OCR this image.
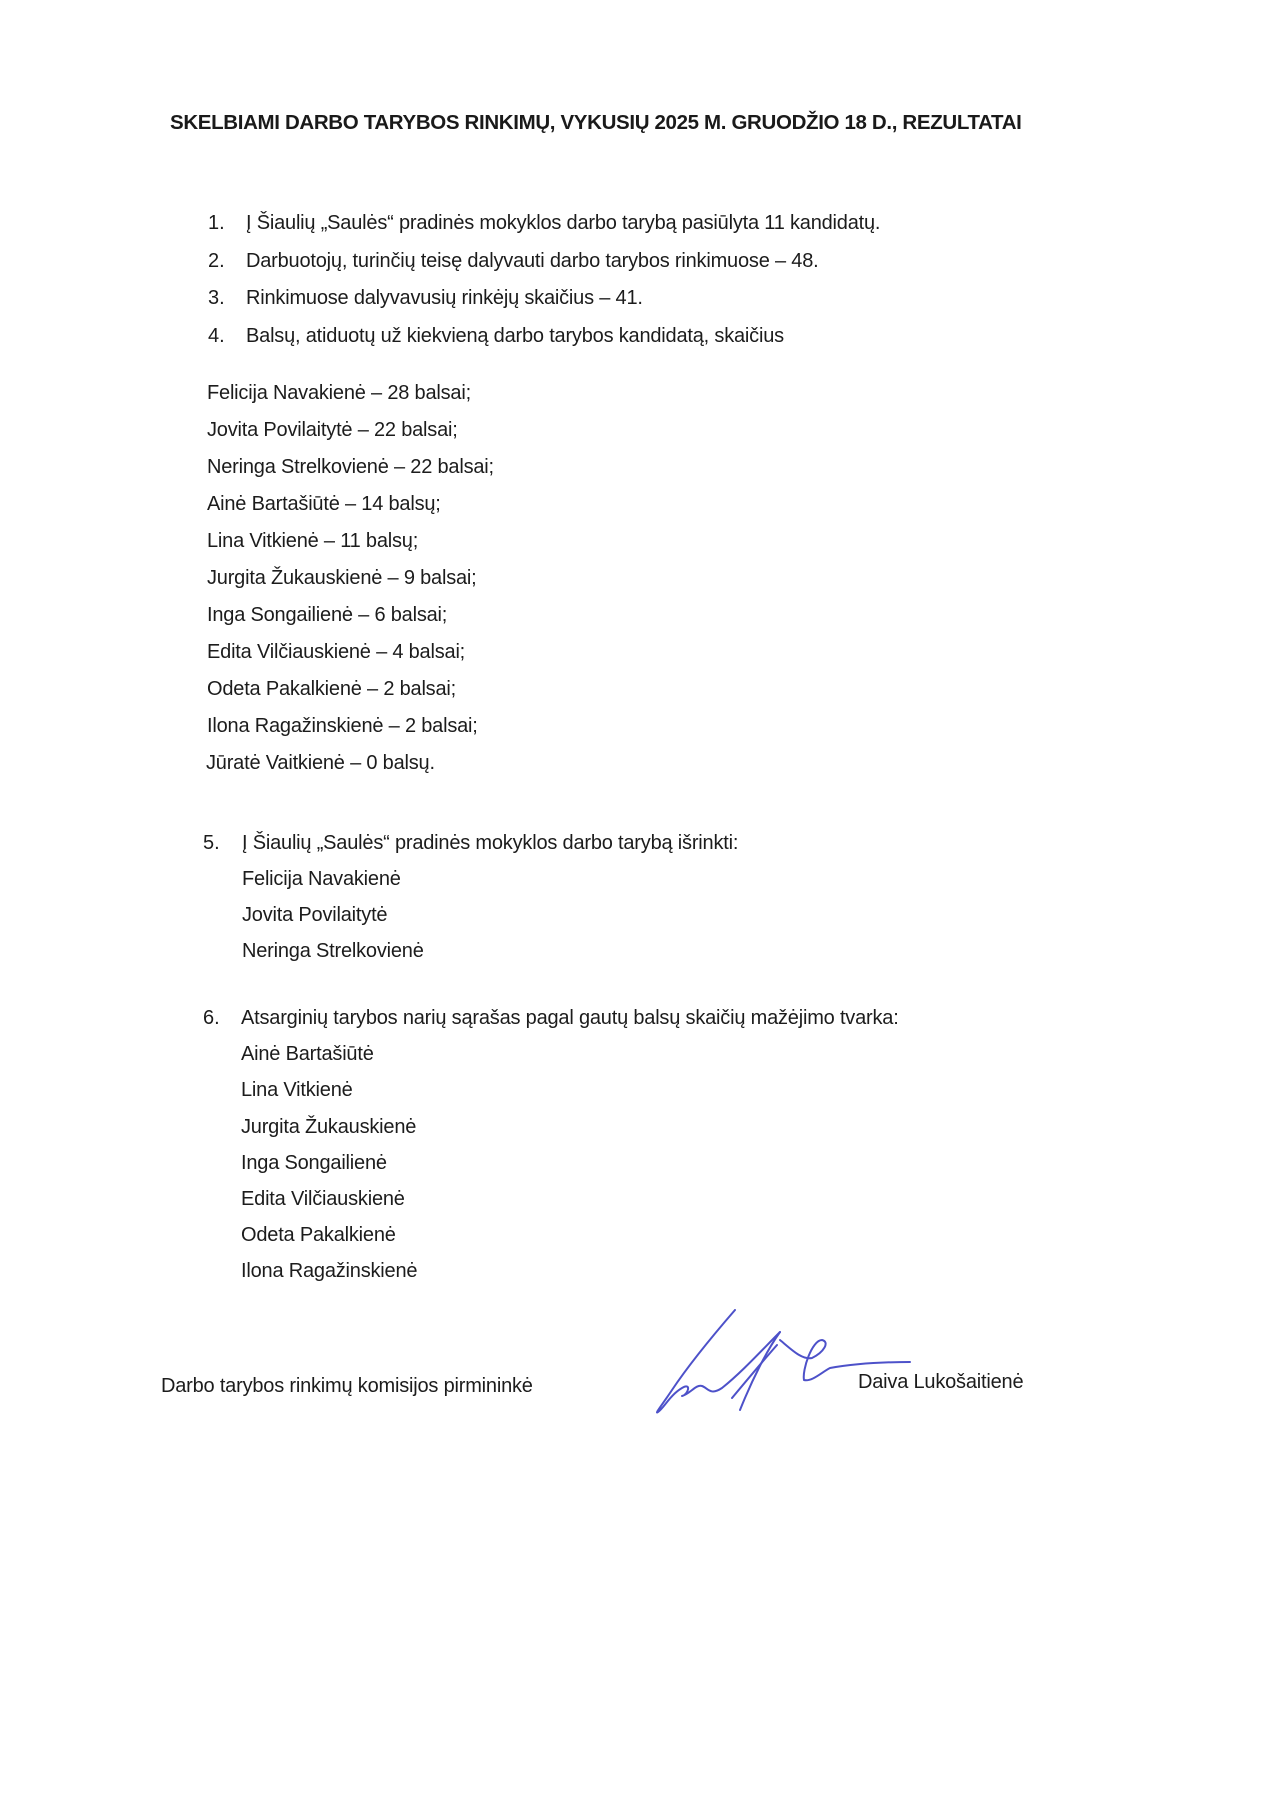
SKELBIAMI DARBO TARYBOS RINKIMŲ, VYKUSIŲ 2025 M. GRUODŽIO 18 D., REZULTATAI
1. Į Šiaulių „Saulės“ pradinės mokyklos darbo tarybą pasiūlyta 11 kandidatų.
2. Darbuotojų, turinčių teisę dalyvauti darbo tarybos rinkimuose – 48.
3. Rinkimuose dalyvavusių rinkėjų skaičius – 41.
4. Balsų, atiduotų už kiekvieną darbo tarybos kandidatą, skaičius
Felicija Navakienė – 28 balsai;
Jovita Povilaitytė – 22 balsai;
Neringa Strelkovienė – 22 balsai;
Ainė Bartašiūtė – 14 balsų;
Lina Vitkienė – 11 balsų;
Jurgita Žukauskienė – 9 balsai;
Inga Songailienė – 6 balsai;
Edita Vilčiauskienė – 4 balsai;
Odeta Pakalkienė – 2 balsai;
Ilona Ragažinskienė – 2 balsai;
Jūratė Vaitkienė – 0 balsų.
5. Į Šiaulių „Saulės“ pradinės mokyklos darbo tarybą išrinkti:
Felicija Navakienė
Jovita Povilaitytė
Neringa Strelkovienė
6. Atsarginių tarybos narių sąrašas pagal gautų balsų skaičių mažėjimo tvarka:
Ainė Bartašiūtė
Lina Vitkienė
Jurgita Žukauskienė
Inga Songailienė
Edita Vilčiauskienė
Odeta Pakalkienė
Ilona Ragažinskienė
Darbo tarybos rinkimų komisijos pirmininkė	Daiva Lukošaitienė
